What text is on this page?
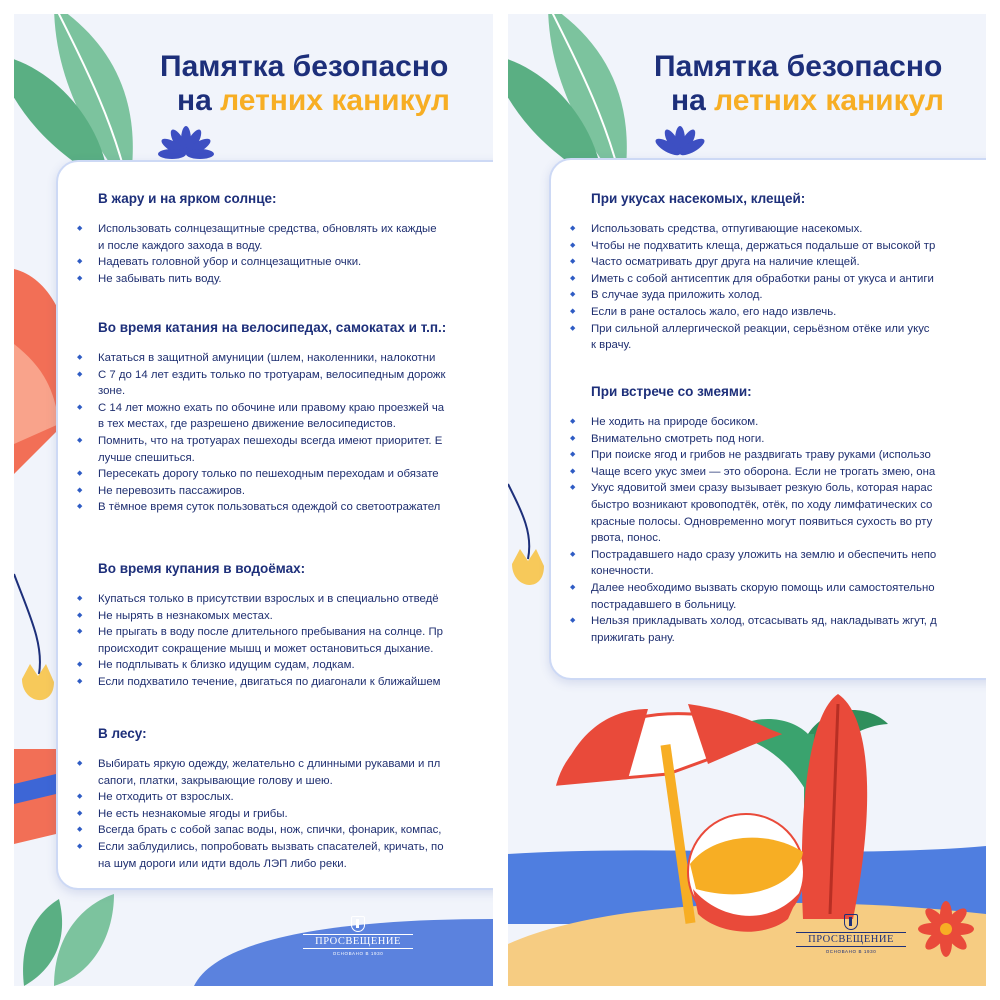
Памятка безопасно
на летних каникул
В жару и на ярком солнце:
◆ Использовать солнцезащитные средства, обновлять их каждые
и после каждого захода в воду.
◆ Надевать головной убор и солнцезащитные очки.
◆ Не забывать пить воду.
Во время катания на велосипедах, самокатах и т.п.:
◆ Кататься в защитной амуниции (шлем, наколенники, налокотни
◆ С 7 до 14 лет ездить только по тротуарам, велосипедным дорожк
зоне.
◆ С 14 лет можно ехать по обочине или правому краю проезжей ча
в тех местах, где разрешено движение велосипедистов.
◆ Помнить, что на тротуарах пешеходы всегда имеют приоритет. Е
лучше спешиться.
◆ Пересекать дорогу только по пешеходным переходам и обязате
◆ Не перевозить пассажиров.
◆ В тёмное время суток пользоваться одеждой со светоотражател
Во время купания в водоёмах:
◆ Купаться только в присутствии взрослых и в специально отведё
◆ Не нырять в незнакомых местах.
◆ Не прыгать в воду после длительного пребывания на солнце. Пр
происходит сокращение мышц и может остановиться дыхание.
◆ Не подплывать к близко идущим судам, лодкам.
◆ Если подхватило течение, двигаться по диагонали к ближайшем
В лесу:
◆ Выбирать яркую одежду, желательно с длинными рукавами и пл
сапоги, платки, закрывающие голову и шею.
◆ Не отходить от взрослых.
◆ Не есть незнакомые ягоды и грибы.
◆ Всегда брать с собой запас воды, нож, спички, фонарик, компас,
◆ Если заблудились, попробовать вызвать спасателей, кричать, по
на шум дороги или идти вдоль ЛЭП либо реки.
ПРОСВЕЩЕНИЕ
ОСНОВАНО В 1930
Памятка безопасно
на летних каникул
При укусах насекомых, клещей:
◆ Использовать средства, отпугивающие насекомых.
◆ Чтобы не подхватить клеща, держаться подальше от высокой тр
◆ Часто осматривать друг друга на наличие клещей.
◆ Иметь с собой антисептик для обработки раны от укуса и антиги
◆ В случае зуда приложить холод.
◆ Если в ране осталось жало, его надо извлечь.
◆ При сильной аллергической реакции, серьёзном отёке или укус
к врачу.
При встрече со змеями:
◆ Не ходить на природе босиком.
◆ Внимательно смотреть под ноги.
◆ При поиске ягод и грибов не раздвигать траву руками (использо
◆ Чаще всего укус змеи — это оборона. Если не трогать змею, она
◆ Укус ядовитой змеи сразу вызывает резкую боль, которая нарас
быстро возникают кровоподтёк, отёк, по ходу лимфатических со
красные полосы. Одновременно могут появиться сухость во рту
рвота, понос.
◆ Пострадавшего надо сразу уложить на землю и обеспечить непо
конечности.
◆ Далее необходимо вызвать скорую помощь или самостоятельно
пострадавшего в больницу.
◆ Нельзя прикладывать холод, отсасывать яд, накладывать жгут, д
прижигать рану.
ПРОСВЕЩЕНИЕ
ОСНОВАНО В 1930
